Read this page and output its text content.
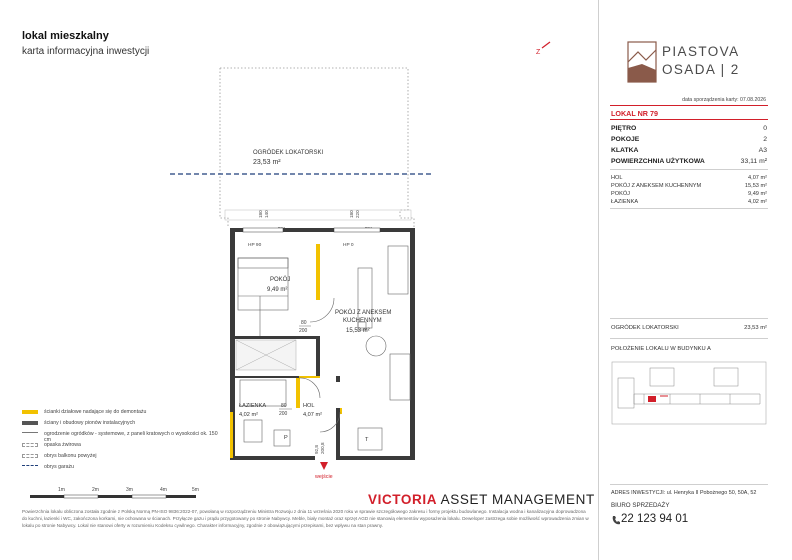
lokal mieszkalny
karta informacyjna inwestycji	Z
OGRÓDEK LOKATORSKI
23,53 m²
180 140	180 220
HP 90	HP 0
POKÓJ
9,49 m²
POKÓJ Z ANEKSEM
KUCHENNYM
15,53 m²
80
200
ŁAZIENKA
4,02 m²
80
200
HOL
4,07 m²
P	T
92,8 200,8
wejście
ścianki działowe nadające się do demontażu
ściany i obudowy pionów instalacyjnych
ogrodzenie ogródków - systemowe, z paneli kratowych o wysokości ok. 150 cm
opaska żwirowa
obrys balkonu powyżej
obrys garażu
1m	2m	3m	4m	5m
VICTORIA ASSET MANAGEMENT
Powierzchnia lokalu obliczona została zgodnie z Polską Normą PN-ISO 9836:2022-07, powołaną w rozporządzeniu Ministra Rozwoju z dnia 11 września 2020 roku w sprawie szczegółowego zakresu i formy projektu budowlanego. Instalacja wodna i kanalizacyjna doprowadzona do kuchni, łazienki i WC, zakończona korkami, nie ochowana w ścianach. Przyłącze gazu i prądu przygotowany po stronie Nabywcy. Meble, biały montaż oraz sprzęt AGD nie stanowią elementów wyposażenia lokalu. Deweloper zastrzega sobie możliwość wprowadzenia zmian w lokalu po stronie Nabywcy. Lokal nie stanowi oferty w rozumieniu Kodeksu cywilnego. Charakter informacyjny, zgodnie z obowiązującymi przepisami, bez wpływu na stan prawny.
PIASTOVA
OSADA | 2
data sporządzenia karty: 07.08.2026
LOKAL NR 79
PIĘTRO	0
POKOJE	2
KLATKA	A3
POWIERZCHNIA UŻYTKOWA	33,11 m²
HOL	4,07 m²
POKÓJ Z ANEKSEM KUCHENNYM	15,53 m²
POKÓJ	9,49 m²
ŁAZIENKA	4,02 m²
OGRÓDEK LOKATORSKI	23,53 m²
POŁOŻENIE LOKALU W BUDYNKU A
ADRES INWESTYCJI: ul. Henryka II Pobożnego 50, 50A, 52
BIURO SPRZEDAŻY
22 123 94 01
